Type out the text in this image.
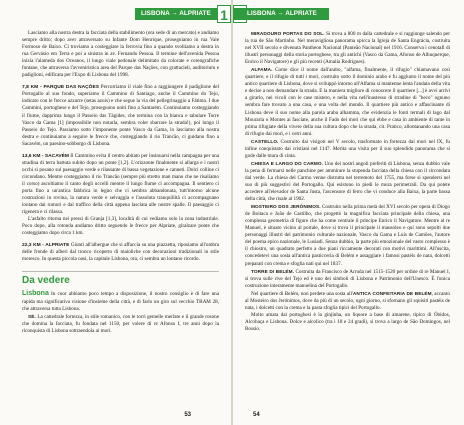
LISBONA → ALPRIATE 1

Lasciamo alla nostra destra la facciata della stabilimento (ora sede di un mercato) e andiamo sempre dritto; dopo aver attraversato su Infante Dom Henrique, proseguiamo in rua Vale Formoso de Baixo. Ci troviamo a costeggiare la ferrovia fino a quando svoltiamo a destra in rua Gervásio em Terra e poi a sinistra in av. Fernando Pessoa. Il termine dell'avenida Pessoa inizia l'alameda dos Oceanos, il lungo viale pedonale delimitato da colorate e coreografiche fontane, che attraversa l'avveniristica area del Parque das Nações, con grattacieli, auditorium e padiglioni, edificata per l'Expo di Lisbona del 1998.

7,8 KM - PARQUE DAS NAÇÕES Percorriamo il viale fino a raggiungere il padiglione del Portogallo al suo fondo, superiamo il Cammino di Santiago, anche il Cammino do Tejo, indicato con le frecce azzurre (setas azuis) e che segue la via del pellegrinaggio a Fátima. I due Cammini, portoghese e del Tejo, proseguono uniti fino a Santarém. Continuiamo costeggiando il fiume, dapprima lungo il Passeio das Tágides, che termina con la bianca e tabulare Torre Vasco da Gama [1] (impossibile non notarla, sembra voler sbarrare la strada!), poi lungo il Passeio do Tejo. Passiamo sotto l'imponente ponte Vasco da Gama, lo lasciamo alla nostra destra e continuiamo a seguire le frecce che, costeggiando il rio Trancão, ci guidano fino a Sacavém, un paesino-sobborgo di Lisbona.

13,6 KM - SACAVÉM Il Cammino evita il centro abitato per insinuarsi nella campagna per una stradina di terra battuta subito dopo un ponte [1,2]. L'orizzonte finalmente si allarga e i nostri occhi si posano sul paesaggio verde e rilassante di bassa vegetazione e canneti. Dolci colline ci circondano. Mentre costeggiamo il rio Trancão (sempre più stretto man mano che ne risaliamo il corso) ascoltiamo il canto degli uccelli mentre il lungo fiume ci accompagna. Il sentiero ci porta fino a un'antica fabbrica in legno che ci sembra abbandonata, tutt'intorno alcune costruzioni in rovina, la natura verde e selvaggia e l'assoluta tranquillità ci accompagnano lontano dai rumori e dal traffico della città appena lasciata alle nostre spalle. Il paesaggio ci rigenera e ci rilassa.

L'asfalto ritorna nei pressi di Granja [1,3], località di cui vediamo solo la zona industriale. Poco dopo, alla rotonda andiamo dritto seguendo le frecce per Alpriate, giralzare ponte che costeggiamo dopo circa 1 km.

22,3 KM - ALPRIATE Giunti all'albergue che si affaccia su una piazzetta, riposiamo all'ombra delle fronde di alberi dal tronco ricoperto di maioliche con decorazioni tradizionali in stile moresco. In questa piccola oasi, la capitale Lisbona, ora, ci sembra un lontano ricordo.

Da vedere

Lisbona In cuor abbiamo poco tempo a disposizione, il nostro consiglio è di fare una rapida ma significativa visione d'insieme della città, e di farlo un giro sul vecchio TRAM 28, che attraversa tutta Lisbona.

SÉ. La cattedrale fortezza, in stile romanico, con le torri gemelle merlate e il grande rosone che domina la facciata, fu fondata nel 1150, per volere di re Afonso I, tre anni dopo la riconquista di Lisbona sottraendola ai mori.

53
LISBONA → ALPRIATE

MIRADOURO PORTAS DO SOL. Si trova a 800 m dalla cattedrale e si raggiunge salendo per la rua de São Martinho. Nel meravigliosa panorama spicca la Igreja de Santa Engrácia, costruita nel XVII secolo e divenuta Pantheon Nacional (Panteão Nacional) nel 1916. Conserva i cenotafi di illustri personaggi della storia portoghese, tra gli antichi (Vasco da Gama, Afonso de Albuquerque, Enrico il Navigatore) e gli più recenti (Amalia Rodrigues).

ALFAMA. Come dice il nome dall'arabo, "alfama, finalmente, il rifugio" chiamavano così quartiere, e il rifugio di tutti i mori, costruito sotto il dominio arabo e fu aggiunto il nome del più antico quartiere di Lisbona, dove si sviluppò intorno all'Alfama si mantenne lenta l'andata della vita e decise a non demandare la strada. E la maniera migliore di conoscere il quartiere [...] è avvi arrivi a girarlo, nei vicoli con le case mistero, e nella vita nell'inastesso di stradine di "beco" ognuno sembra fare trovato a una casa, e una volta del mondo. Il quartiere più antico e affascinante di Lisbona deve il suo nome alla parola araba alhamma, che evidenzia le fonti termali di lago dal Mouraria o Montes ai fasciate, anche il Fado dei mori che qui ebbe e casa in ambiente di tante in prima rifugiate della vivere della sua cultura dopo che la strada, cit. Pratico, allontanando una casa di rifugio dai mori, e i vetri anni.

CASTELLO. Costruito dai visigoti nel V secolo, trasformato in fortezza dai mori nel IX, fu infine conquistato dai cristiani nel 1147. Merita una visita per il suo splendido panorama che si gode dalle mura di cinta.

CHIESA E LARGO DO CARMO. Uno dei nostri angoli preferiti di Lisbona, senza dubbio vale la pena di fermarsi nelle panchine per ammirare la stupenda facciata della chiesa con il circondata dal verde. La chiesa del Carmo venne distrutta nel terremoto del 1755, ma forse si spendersi nel suo di più suggestivi del Portogallo. Qui esistono in piedi le mura perimetrali. Da qui potete accedere all'elevador de Santa Justa, l'ascensore di ferro che vi conduce alla Baixa, la parte bassa della città, che risale al 1902.

MOSTEIRO DOS JERÓNIMOS. Costruito nella prima metà del XVI secolo per opera di Diogo de Boitaca e João de Castilho, che progettò la magnifica facciata principale della chiesa, una complessa geometria di figure che ha come centrale il principe Enrico il Navigatore. Mentre al re Manuel, è situato vicino al portale, dove si trova il principale il mausoleo e qui sono sepolti due personaggi illustri del patrimonio culturale nazionale, Vasco da Gama e Luís de Camões, l'autore del poema epico nazionale, le Lusiadi. Senza dubbio, la parte più emozionale del vasto complesso è il chiostro, un quadrato perfetto a due piani riccamente decorati con motivi marittimi. All'uscita, concedetevi una sosta all'antica pasticceria di Belém e assaggiare i famosi pastéis de nata, dolcetti preparati con crema e sfoglia nati qui nel 1837.

TORRE DI BELÉM. Costruita da Francisco de Arruda nel 1515-1520 per ordine di re Manuel I, si trova sulle rive del Tejo ed è uno dei simboli di Lisbona e Patrimonio dell'Unesco. È l'unica costruzione interamente manuelina del Portogallo.

Nel quartiere di Belém, non perdete una sosta all'ANTICA CONFEITARIA DE BELÉM, accanto al Mosteiro dos Jerónimos, dove da più di un secolo, ogni giorno, si sfornano gli squisiti pastéis de nata, i dolcetti con la crema e la pasta sfoglia tipici del Portogallo.

Molto amata dai portoghesi è la ginjinha, un liquore a base di amarene, tipico di Óbidos, Alcobaça e Lisbona. Dolce e alcolico (tra i 18 e 24 gradi), si trova a largo de São Domingos, nel Rossio.

54
